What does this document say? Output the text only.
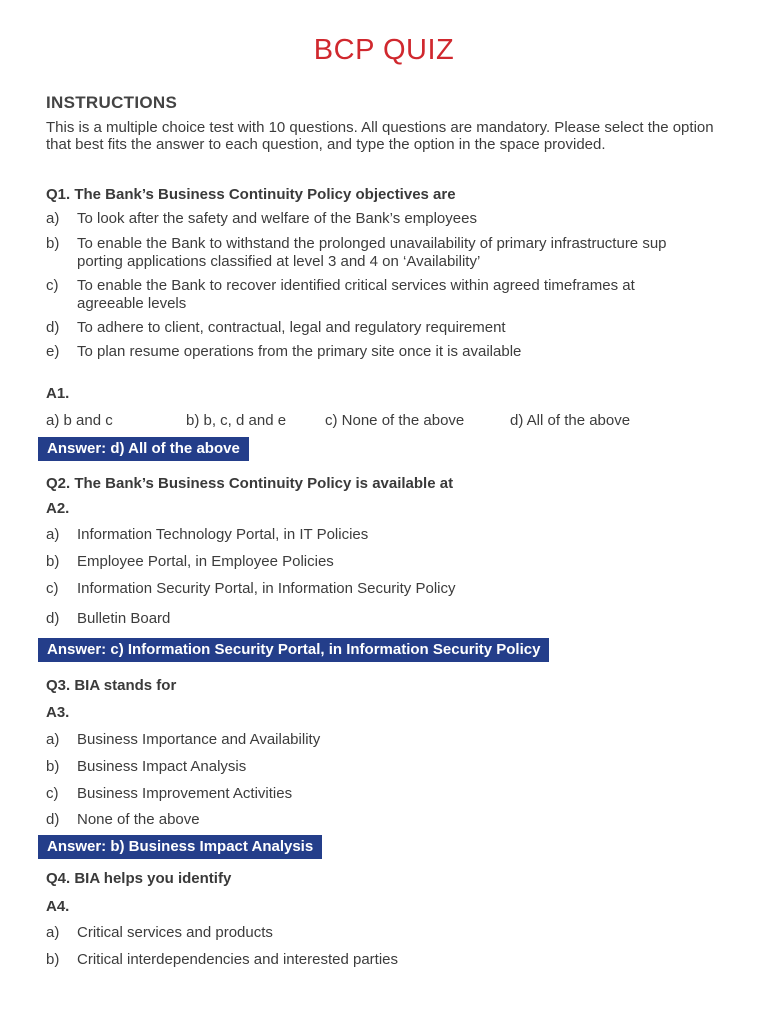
BCP QUIZ
INSTRUCTIONS
This is a multiple choice test with 10 questions. All questions are mandatory. Please select the option that best fits the answer to each question, and type the option in the space provided.
Q1. The Bank’s Business Continuity Policy objectives are
a) To look after the safety and welfare of the Bank’s employees
b) To enable the Bank to withstand the prolonged unavailability of primary infrastructure sup porting applications classified at level 3 and 4 on ‘Availability’
c) To enable the Bank to recover identified critical services within agreed timeframes at agreeable levels
d) To adhere to client, contractual, legal and regulatory requirement
e) To plan resume operations from the primary site once it is available
A1.
a) b and c	b) b, c, d and e	c) None of the above	d) All of the above
Answer: d) All of the above
Q2. The Bank’s Business Continuity Policy is available at
A2.
a) Information Technology Portal, in IT Policies
b) Employee Portal, in Employee Policies
c) Information Security Portal, in Information Security Policy
d) Bulletin Board
Answer: c) Information Security Portal, in Information Security Policy
Q3. BIA stands for
A3.
a) Business Importance and Availability
b) Business Impact Analysis
c) Business Improvement Activities
d) None of the above
Answer: b) Business Impact Analysis
Q4. BIA helps you identify
A4.
a) Critical services and products
b) Critical interdependencies and interested parties
